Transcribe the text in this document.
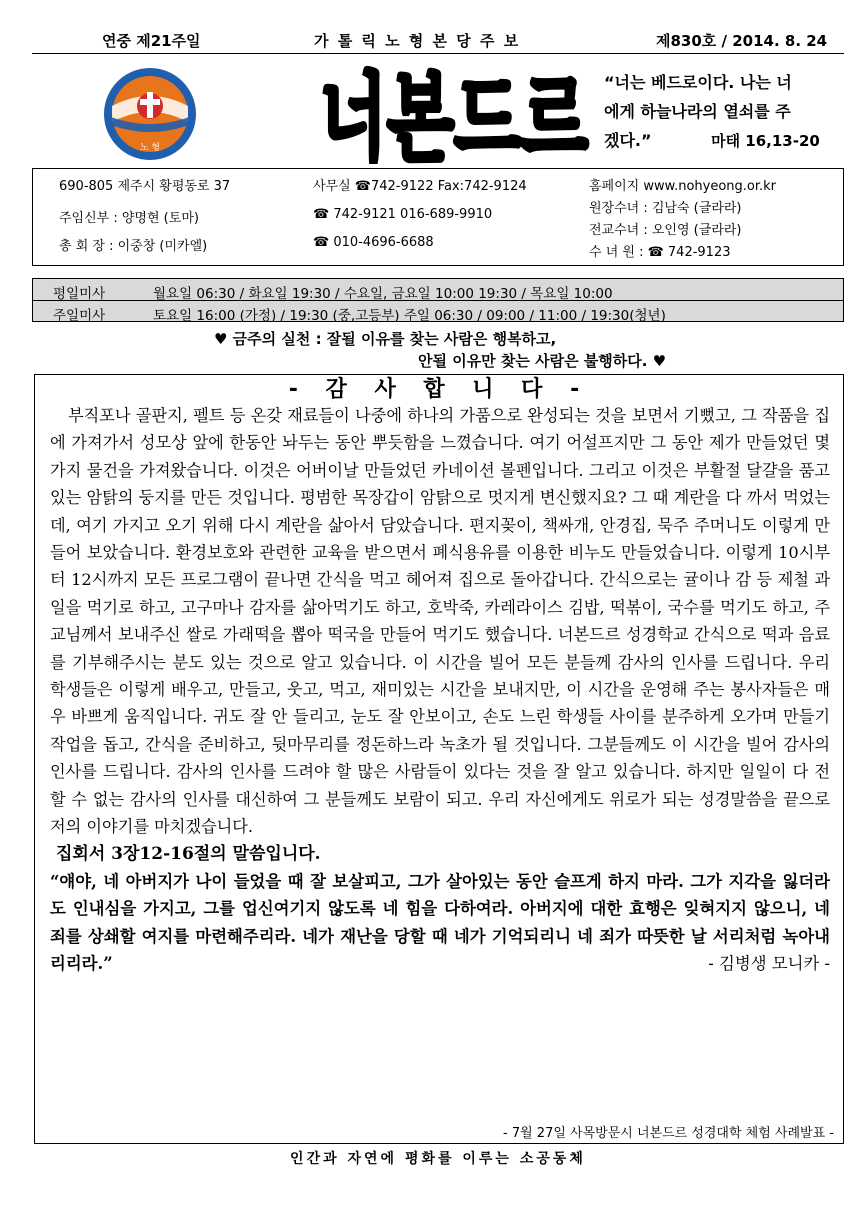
연중 제21주일	가 톨 릭 노 형 본 당 주 보	제830호 / 2014. 8. 24
노 형 너본드르 “너는 베드로이다. 나는 너
에게 하늘나라의 열쇠를 주
겠다.”	마태 16,13-20
690-805 제주시 황평동로 37	사무실 ☎742-9122 Fax:742-9124	홈페이지 www.nohyeong.or.kr
주임신부 : 양명현 (토마)	☎ 742-9121 016-689-9910	원장수녀 : 김남숙 (글라라)
전교수녀 : 오인영 (글라라)
총 회 장 : 이중창 (미카엘)	☎ 010-4696-6688
수 녀 원 : ☎ 742-9123
평일미사	월요일 06:30 / 화요일 19:30 / 수요일, 금요일 10:00 19:30 / 목요일 10:00
주일미사	토요일 16:00 (가정) / 19:30 (중,고등부) 주일 06:30 / 09:00 / 11:00 / 19:30(청년)
♥ 금주의 실천 : 잘될 이유를 찾는 사람은 행복하고,
안될 이유만 찾는 사람은 불행하다. ♥
- 감 사 합 니 다 -

부직포나 골판지, 펠트 등 온갖 재료들이 나중에 하나의 가품으로 완성되는 것을 보면서 기뻤고, 그 작품을 집에 가져가서 성모상 앞에 한동안 놔두는 동안 뿌듯함을 느꼈습니다. 여기 어설프지만 그 동안 제가 만들었던 몇 가지 물건을 가져왔습니다. 이것은 어버이날 만들었던 카네이션 볼펜입니다. 그리고 이것은 부활절 달걀을 품고 있는 암탉의 둥지를 만든 것입니다. 평범한 목장갑이 암탉으로 멋지게 변신했지요? 그 때 계란을 다 까서 먹었는데, 여기 가지고 오기 위해 다시 계란을 삶아서 담았습니다. 편지꽂이, 책싸개, 안경집, 묵주 주머니도 이렇게 만들어 보았습니다. 환경보호와 관련한 교육을 받으면서 폐식용유를 이용한 비누도 만들었습니다. 이렇게 10시부터 12시까지 모든 프로그램이 끝나면 간식을 먹고 헤어져 집으로 돌아갑니다. 간식으로는 귤이나 감 등 제철 과일을 먹기로 하고, 고구마나 감자를 삶아먹기도 하고, 호박죽, 카레라이스 김밥, 떡볶이, 국수를 먹기도 하고, 주교님께서 보내주신 쌀로 가래떡을 뽑아 떡국을 만들어 먹기도 했습니다. 너본드르 성경학교 간식으로 떡과 음료를 기부해주시는 분도 있는 것으로 알고 있습니다. 이 시간을 빌어 모든 분들께 감사의 인사를 드립니다. 우리 학생들은 이렇게 배우고, 만들고, 웃고, 먹고, 재미있는 시간을 보내지만, 이 시간을 운영해 주는 봉사자들은 매우 바쁘게 움직입니다. 귀도 잘 안 들리고, 눈도 잘 안보이고, 손도 느린 학생들 사이를 분주하게 오가며 만들기 작업을 돕고, 간식을 준비하고, 뒷마무리를 정돈하느라 녹초가 될 것입니다. 그분들께도 이 시간을 빌어 감사의 인사를 드립니다. 감사의 인사를 드려야 할 많은 사람들이 있다는 것을 잘 알고 있습니다. 하지만 일일이 다 전할 수 없는 감사의 인사를 대신하여 그 분들께도 보람이 되고. 우리 자신에게도 위로가 되는 성경말씀을 끝으로 저의 이야기를 마치겠습니다.

집회서 3장12-16절의 말씀입니다.

“얘야, 네 아버지가 나이 들었을 때 잘 보살피고, 그가 살아있는 동안 슬프게 하지 마라. 그가 지각을 잃더라도 인내심을 가지고, 그를 업신여기지 않도록 네 힘을 다하여라. 아버지에 대한 효행은 잊혀지지 않으니, 네 죄를 상쇄할 여지를 마련해주리라. 네가 재난을 당할 때 네가 기억되리니 네 죄가 따뜻한 날 서리처럼 녹아내리리라.”	- 김병생 모니카 -

- 7월 27일 사목방문시 너본드르 성경대학 체험 사례발표 -
인간과 자연에 평화를 이루는 소공동체
